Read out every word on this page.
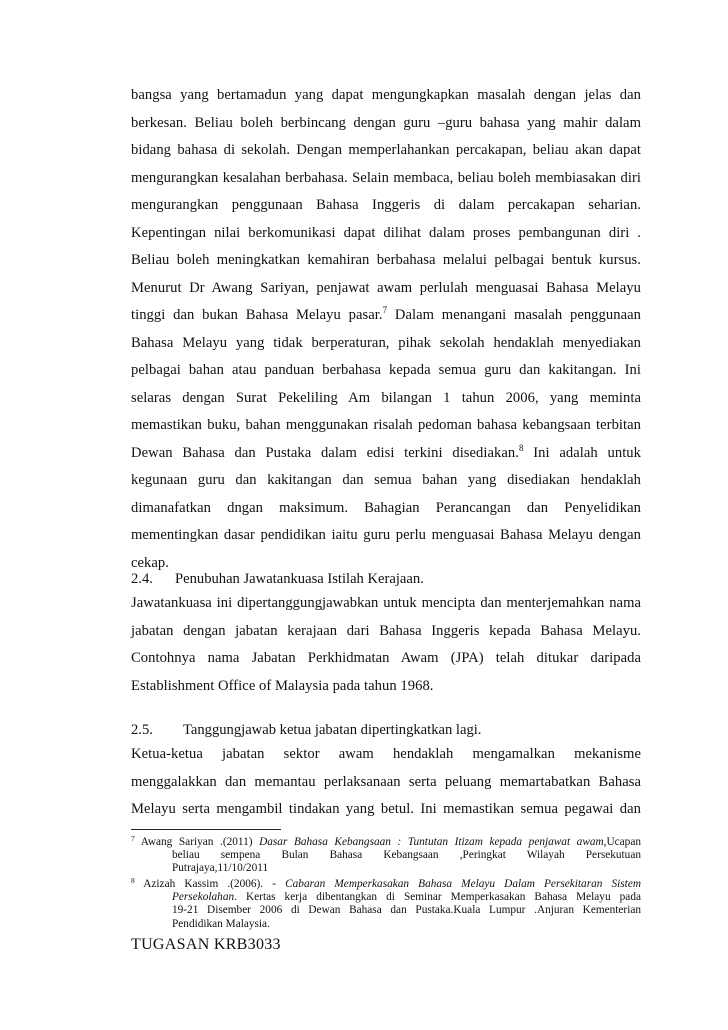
bangsa yang bertamadun yang dapat mengungkapkan masalah dengan jelas dan
berkesan. Beliau boleh berbincang dengan guru –guru bahasa yang mahir dalam
bidang bahasa di sekolah. Dengan memperlahankan percakapan, beliau akan dapat
mengurangkan kesalahan berbahasa. Selain membaca, beliau boleh membiasakan diri
mengurangkan penggunaan Bahasa Inggeris di dalam percakapan seharian.
Kepentingan nilai berkomunikasi dapat dilihat dalam proses pembangunan diri .
Beliau boleh meningkatkan kemahiran berbahasa melalui pelbagai bentuk kursus.
Menurut Dr Awang Sariyan, penjawat awam perlulah menguasai Bahasa Melayu
tinggi dan bukan Bahasa Melayu pasar.$^7$ Dalam menangani masalah penggunaan
Bahasa Melayu yang tidak berperaturan, pihak sekolah hendaklah menyediakan
pelbagai bahan atau panduan berbahasa kepada semua guru dan kakitangan. Ini
selaras dengan Surat Pekeliling Am bilangan 1 tahun 2006, yang meminta
memastikan buku, bahan menggunakan risalah pedoman bahasa kebangsaan terbitan
Dewan Bahasa dan Pustaka dalam edisi terkini disediakan.$^8$ Ini adalah untuk
kegunaan guru dan kakitangan dan semua bahan yang disediakan hendaklah
dimanafatkan dngan maksimum. Bahagian Perancangan dan Penyelidikan
mementingkan dasar pendidikan iaitu guru perlu menguasai Bahasa Melayu dengan
cekap.
2.4. Penubuhan Jawatankuasa Istilah Kerajaan.
Jawatankuasa ini dipertanggungjawabkan untuk mencipta dan menterjemahkan nama
jabatan dengan jabatan kerajaan dari Bahasa Inggeris kepada Bahasa Melayu.
Contohnya nama Jabatan Perkhidmatan Awam (JPA) telah ditukar daripada
Establishment Office of Malaysia pada tahun 1968.
2.5. Tanggungjawab ketua jabatan dipertingkatkan lagi.
Ketua-ketua jabatan sektor awam hendaklah mengamalkan mekanisme
menggalakkan dan memantau perlaksanaan serta peluang memartabatkan Bahasa
Melayu serta mengambil tindakan yang betul. Ini memastikan semua pegawai dan
$^7$ Awang Sariyan .(2011) Dasar Bahasa Kebangsaan : Tuntutan Itizam kepada penjawat awam,Ucapan
beliau sempena Bulan Bahasa Kebangsaan ,Peringkat Wilayah Persekutuan
Putrajaya,11/10/2011
$^8$ Azizah Kassim .(2006). - Cabaran Memperkasakan Bahasa Melayu Dalam Persekitaran Sistem
Persekolahan. Kertas kerja dibentangkan di Seminar Memperkasakan Bahasa Melayu pada
19-21 Disember 2006 di Dewan Bahasa dan Pustaka.Kuala Lumpur .Anjuran Kementerian
Pendidikan Malaysia.
TUGASAN KRB3033
